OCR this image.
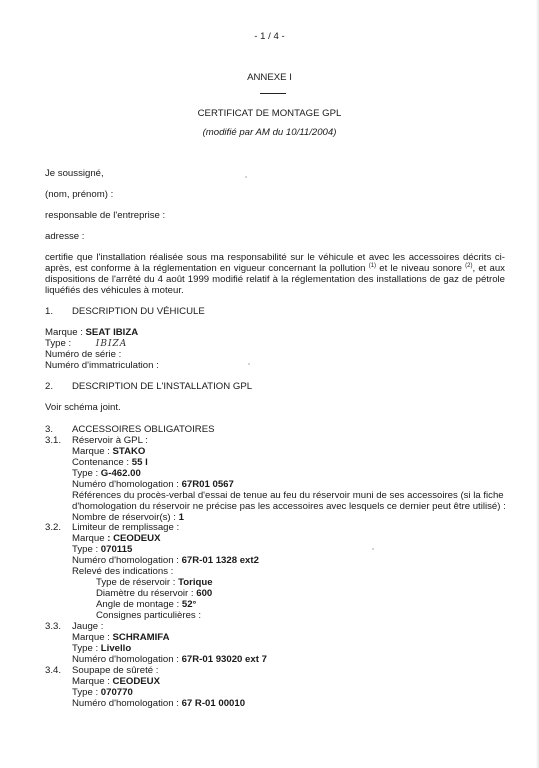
- 1 / 4 -
ANNEXE I
CERTIFICAT DE MONTAGE GPL
(modifié par AM du 10/11/2004)
Je soussigné,
(nom, prénom) :
responsable de l'entreprise :
adresse :
certifie que l'installation réalisée sous ma responsabilité sur le véhicule et avec les accessoires décrits ci-après, est conforme à la réglementation en vigueur concernant la pollution $^{(1)}$ et le niveau sonore $^{(2)}$, et aux dispositions de l'arrêté du 4 août 1999 modifié relatif à la réglementation des installations de gaz de pétrole liquéfiés des véhicules à moteur.
1. DESCRIPTION DU VÉHICULE
Marque : SEAT IBIZA
Type : IBIZA
Numéro de série :
Numéro d'immatriculation :
2. DESCRIPTION DE L'INSTALLATION GPL
Voir schéma joint.
3. ACCESSOIRES OBLIGATOIRES
3.1. Réservoir à GPL :
Marque : STAKO
Contenance : 55 l
Type : G-462.00
Numéro d'homologation : 67R01 0567
Références du procès-verbal d'essai de tenue au feu du réservoir muni de ses accessoires (si la fiche
d'homologation du réservoir ne précise pas les accessoires avec lesquels ce dernier peut être utilisé) :
Nombre de réservoir(s) : 1
3.2. Limiteur de remplissage :
Marque : CEODEUX
Type : 070115
Numéro d'homologation : 67R-01 1328 ext2
Relevé des indications :
Type de réservoir : Torique
Diamètre du réservoir : 600
Angle de montage : 52°
Consignes particulières :
3.3. Jauge :
Marque : SCHRAMIFA
Type : Livello
Numéro d'homologation : 67R-01 93020 ext 7
3.4. Soupape de sûreté :
Marque : CEODEUX
Type : 070770
Numéro d'homologation : 67 R-01 00010
